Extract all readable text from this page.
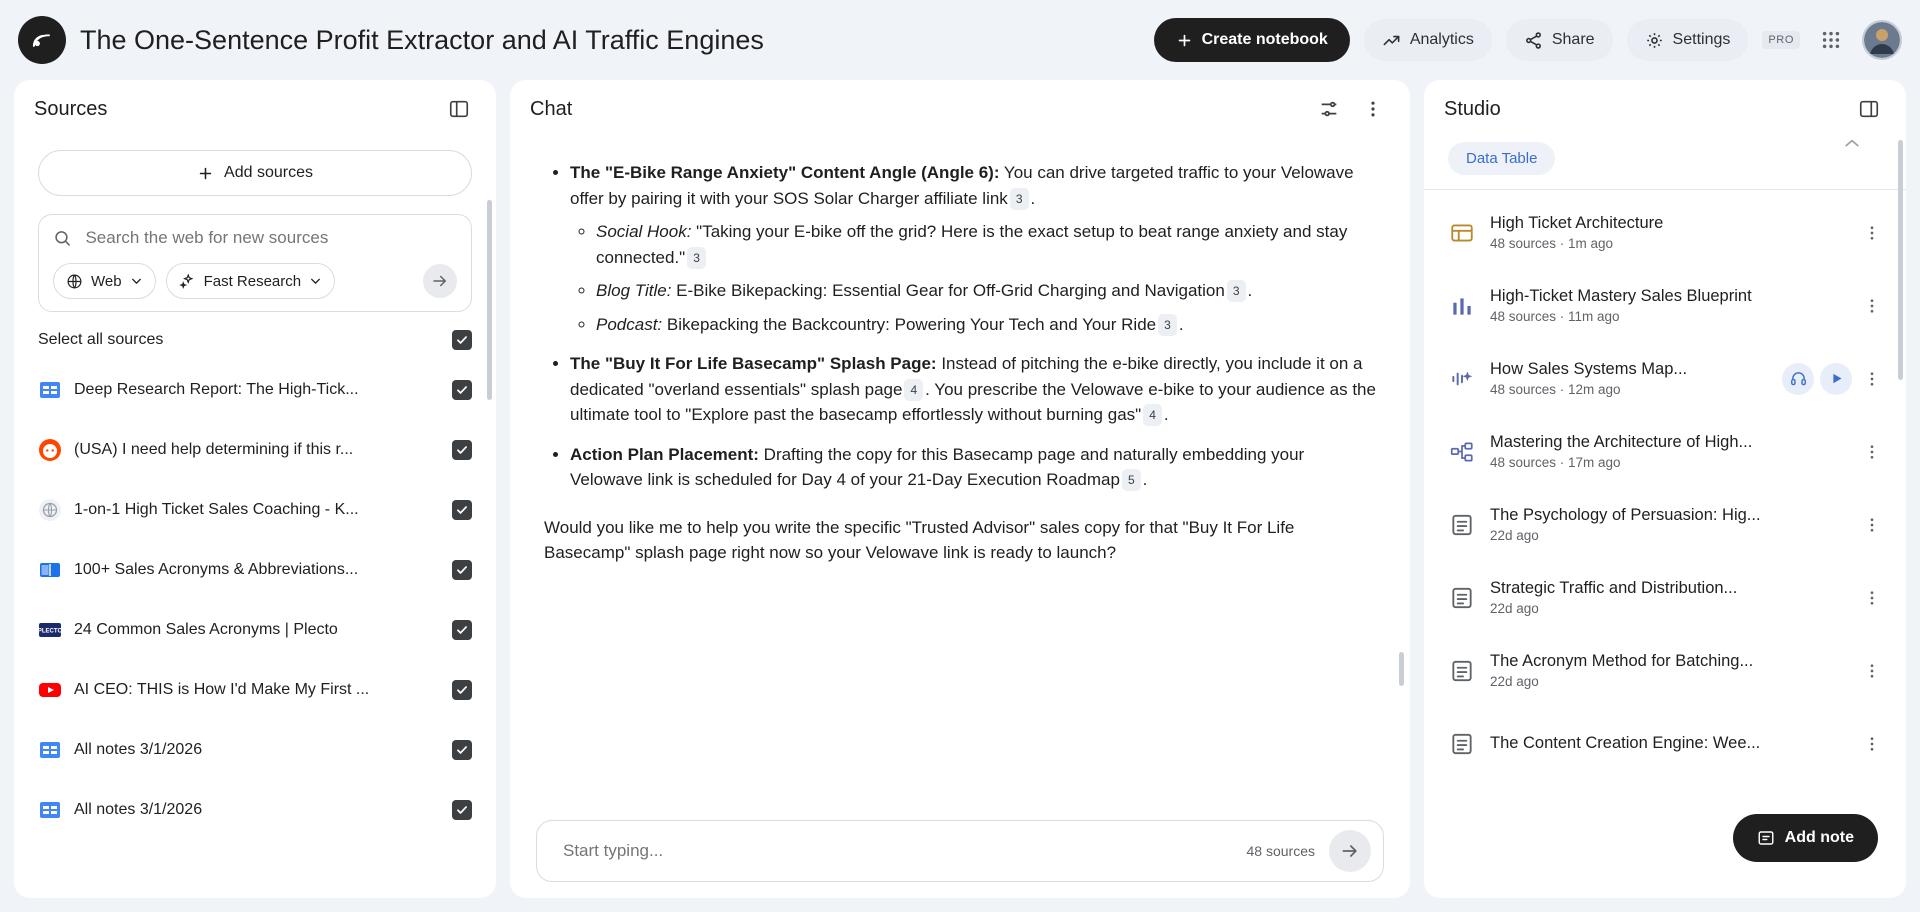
The One-Sentence Profit Extractor and AI Traffic Engines	Create notebook	Analytics	Share	Settings	PRO
Sources
Add sources
Search the web for new sources
Web	Fast Research
Select all sources
Deep Research Report: The High-Tick...
(USA) I need help determining if this r...
1-on-1 High Ticket Sales Coaching - K...
100+ Sales Acronyms & Abbreviations...
PLECTO 24 Common Sales Acronyms | Plecto
AI CEO: THIS is How I'd Make My First ...
All notes 3/1/2026
All notes 3/1/2026
Chat

• The "E-Bike Range Anxiety" Content Angle (Angle 6): You can drive targeted traffic to your Velowave offer by pairing it with your SOS Solar Charger affiliate link 3 .
◦ Social Hook: "Taking your E-bike off the grid? Here is the exact setup to beat range anxiety and stay connected." 3
◦ Blog Title: E-Bike Bikepacking: Essential Gear for Off-Grid Charging and Navigation 3 .
◦ Podcast: Bikepacking the Backcountry: Powering Your Tech and Your Ride 3 .
• The "Buy It For Life Basecamp" Splash Page: Instead of pitching the e-bike directly, you include it on a dedicated "overland essentials" splash page 4 . You prescribe the Velowave e-bike to your audience as the ultimate tool to "Explore past the basecamp effortlessly without burning gas" 4 .
• Action Plan Placement: Drafting the copy for this Basecamp page and naturally embedding your Velowave link is scheduled for Day 4 of your 21-Day Execution Roadmap 5 .

Would you like me to help you write the specific "Trusted Advisor" sales copy for that "Buy It For Life Basecamp" splash page right now so your Velowave link is ready to launch?

Start typing...
48 sources
Studio
Data Table
High Ticket Architecture
48 sources · 1m ago
High-Ticket Mastery Sales Blueprint
48 sources · 11m ago
How Sales Systems Map...
48 sources · 12m ago
Mastering the Architecture of High...
48 sources · 17m ago
The Psychology of Persuasion: Hig...
22d ago
Strategic Traffic and Distribution...
22d ago
The Acronym Method for Batching...
22d ago
The Content Creation Engine: Wee...
Add note
